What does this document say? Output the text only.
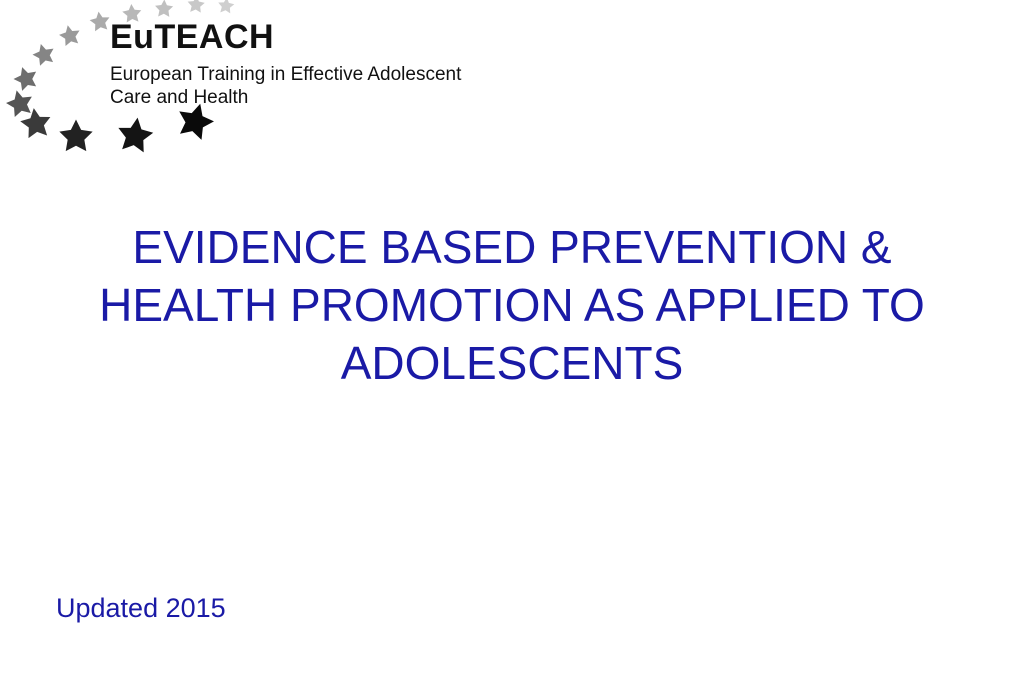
EuTEACH
European Training in Effective Adolescent
Care and Health
EVIDENCE BASED PREVENTION &
HEALTH PROMOTION AS APPLIED TO
ADOLESCENTS

Updated 2015
